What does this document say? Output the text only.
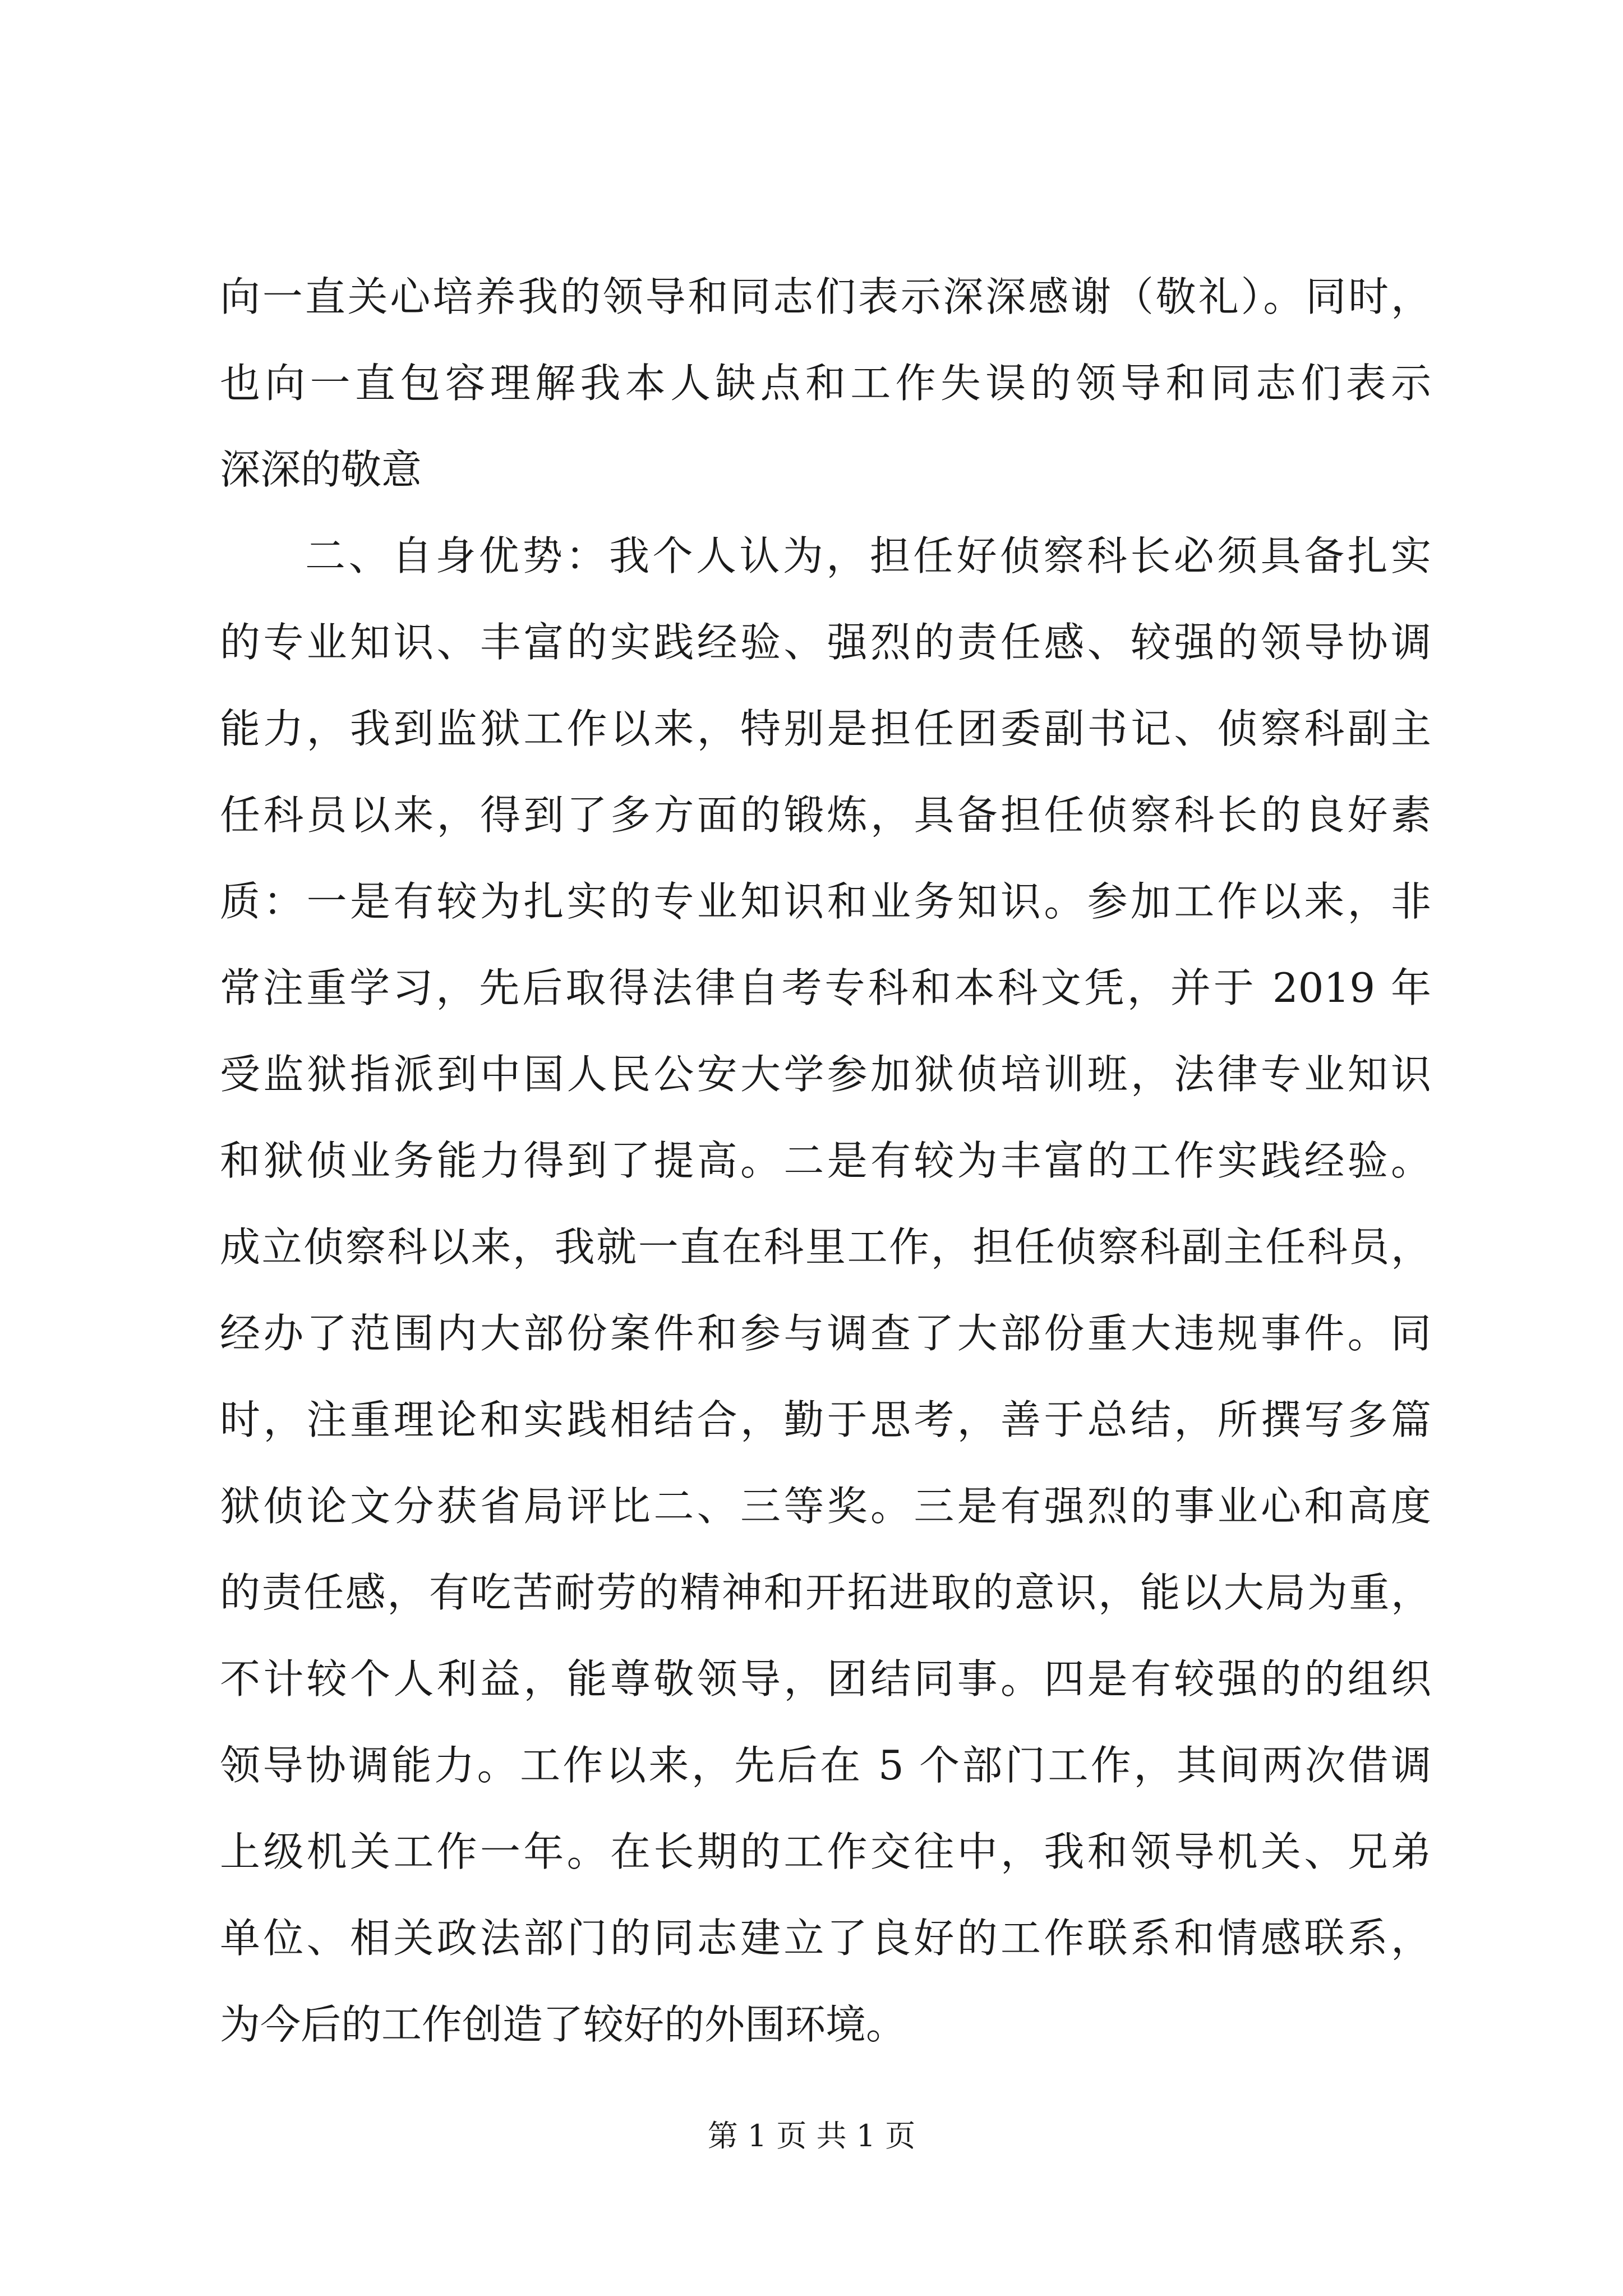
向一直关心培养我的领导和同志们表示深深感谢（敬礼）。同时，
也向一直包容理解我本人缺点和工作失误的领导和同志们表示
深深的敬意
二、自身优势：我个人认为，担任好侦察科长必须具备扎实
的专业知识、丰富的实践经验、强烈的责任感、较强的领导协调
能力，我到监狱工作以来，特别是担任团委副书记、侦察科副主
任科员以来，得到了多方面的锻炼，具备担任侦察科长的良好素
质：一是有较为扎实的专业知识和业务知识。参加工作以来，非
常注重学习，先后取得法律自考专科和本科文凭，并于 2019 年
受监狱指派到中国人民公安大学参加狱侦培训班，法律专业知识
和狱侦业务能力得到了提高。二是有较为丰富的工作实践经验。
成立侦察科以来，我就一直在科里工作，担任侦察科副主任科员，
经办了范围内大部份案件和参与调查了大部份重大违规事件。同
时，注重理论和实践相结合，勤于思考，善于总结，所撰写多篇
狱侦论文分获省局评比二、三等奖。三是有强烈的事业心和高度
的责任感，有吃苦耐劳的精神和开拓进取的意识，能以大局为重，
不计较个人利益，能尊敬领导，团结同事。四是有较强的的组织
领导协调能力。工作以来，先后在 5 个部门工作，其间两次借调
上级机关工作一年。在长期的工作交往中，我和领导机关、兄弟
单位、相关政法部门的同志建立了良好的工作联系和情感联系，
为今后的工作创造了较好的外围环境。
第 1 页 共 1 页
